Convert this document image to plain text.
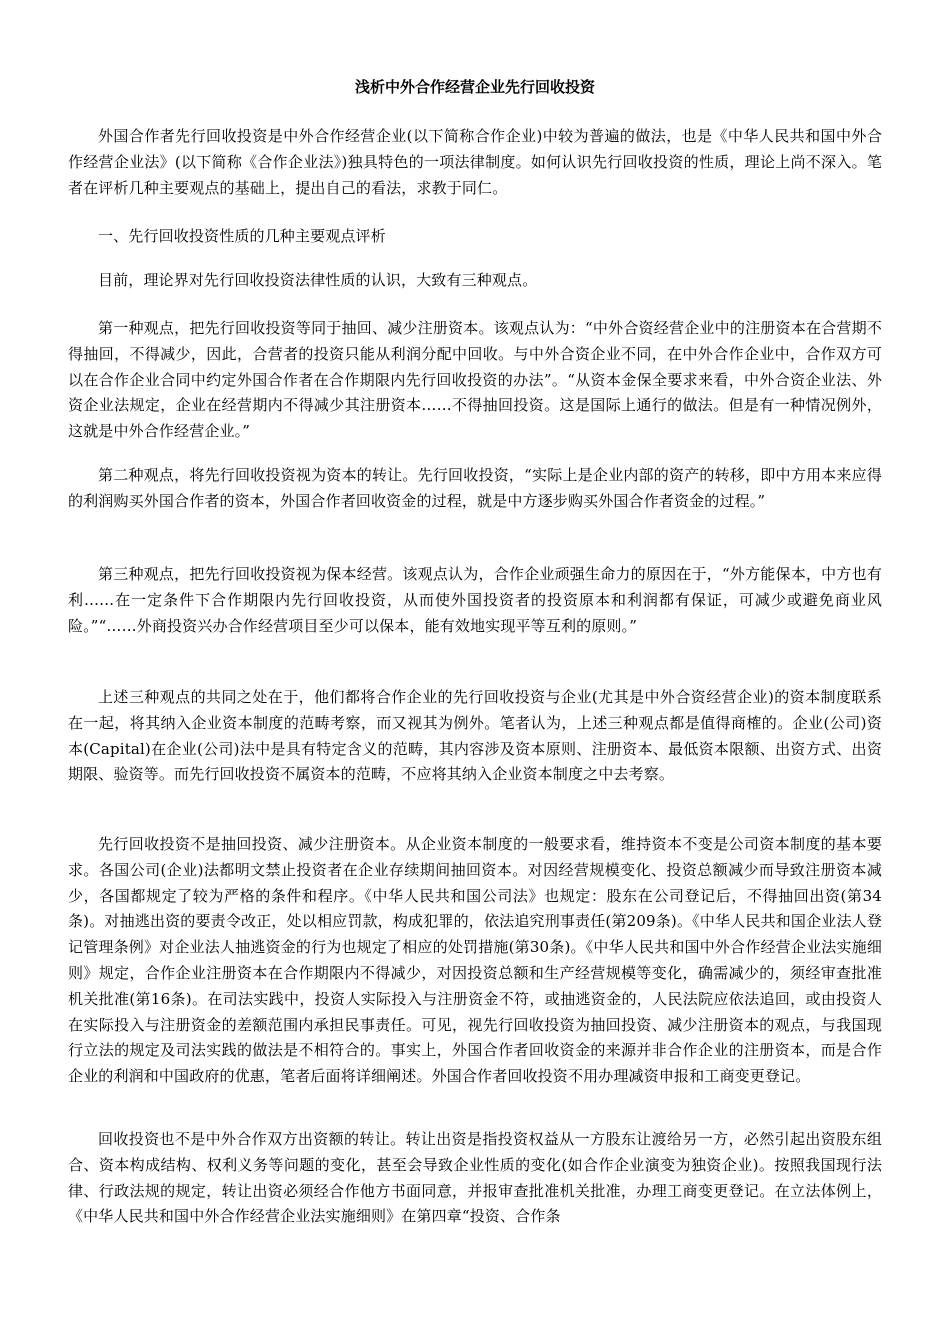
浅析中外合作经营企业先行回收投资

外国合作者先行回收投资是中外合作经营企业(以下简称合作企业)中较为普遍的做法，也是《中华人民共和国中外合作经营企业法》(以下简称《合作企业法》)独具特色的一项法律制度。如何认识先行回收投资的性质，理论上尚不深入。笔者在评析几种主要观点的基础上，提出自己的看法，求教于同仁。

一、先行回收投资性质的几种主要观点评析

目前，理论界对先行回收投资法律性质的认识，大致有三种观点。

第一种观点，把先行回收投资等同于抽回、减少注册资本。该观点认为：“中外合资经营企业中的注册资本在合营期不得抽回，不得减少，因此，合营者的投资只能从利润分配中回收。与中外合资企业不同，在中外合作企业中，合作双方可以在合作企业合同中约定外国合作者在合作期限内先行回收投资的办法”。“从资本金保全要求来看，中外合资企业法、外资企业法规定，企业在经营期内不得减少其注册资本……不得抽回投资。这是国际上通行的做法。但是有一种情况例外，这就是中外合作经营企业。”

第二种观点，将先行回收投资视为资本的转让。先行回收投资，“实际上是企业内部的资产的转移，即中方用本来应得的利润购买外国合作者的资本，外国合作者回收资金的过程，就是中方逐步购买外国合作者资金的过程。”

第三种观点，把先行回收投资视为保本经营。该观点认为，合作企业顽强生命力的原因在于，“外方能保本，中方也有利……在一定条件下合作期限内先行回收投资，从而使外国投资者的投资原本和利润都有保证，可减少或避免商业风险。”“……外商投资兴办合作经营项目至少可以保本，能有效地实现平等互利的原则。”

上述三种观点的共同之处在于，他们都将合作企业的先行回收投资与企业(尤其是中外合资经营企业)的资本制度联系在一起，将其纳入企业资本制度的范畴考察，而又视其为例外。笔者认为，上述三种观点都是值得商榷的。企业(公司)资本(Capital)在企业(公司)法中是具有特定含义的范畴，其内容涉及资本原则、注册资本、最低资本限额、出资方式、出资期限、验资等。而先行回收投资不属资本的范畴，不应将其纳入企业资本制度之中去考察。

先行回收投资不是抽回投资、减少注册资本。从企业资本制度的一般要求看，维持资本不变是公司资本制度的基本要求。各国公司(企业)法都明文禁止投资者在企业存续期间抽回资本。对因经营规模变化、投资总额减少而导致注册资本减少，各国都规定了较为严格的条件和程序。《中华人民共和国公司法》也规定：股东在公司登记后，不得抽回出资(第34条)。对抽逃出资的要责令改正，处以相应罚款，构成犯罪的，依法追究刑事责任(第209条)。《中华人民共和国企业法人登记管理条例》对企业法人抽逃资金的行为也规定了相应的处罚措施(第30条)。《中华人民共和国中外合作经营企业法实施细则》规定，合作企业注册资本在合作期限内不得减少，对因投资总额和生产经营规模等变化，确需减少的，须经审查批准机关批准(第16条)。在司法实践中，投资人实际投入与注册资金不符，或抽逃资金的，人民法院应依法追回，或由投资人在实际投入与注册资金的差额范围内承担民事责任。可见，视先行回收投资为抽回投资、减少注册资本的观点，与我国现行立法的规定及司法实践的做法是不相符合的。事实上，外国合作者回收资金的来源并非合作企业的注册资本，而是合作企业的利润和中国政府的优惠，笔者后面将详细阐述。外国合作者回收投资不用办理减资申报和工商变更登记。

回收投资也不是中外合作双方出资额的转让。转让出资是指投资权益从一方股东让渡给另一方，必然引起出资股东组合、资本构成结构、权利义务等问题的变化，甚至会导致企业性质的变化(如合作企业演变为独资企业)。按照我国现行法律、行政法规的规定，转让出资必须经合作他方书面同意，并报审查批准机关批准，办理工商变更登记。在立法体例上，《中华人民共和国中外合作经营企业法实施细则》在第四章“投资、合作条
